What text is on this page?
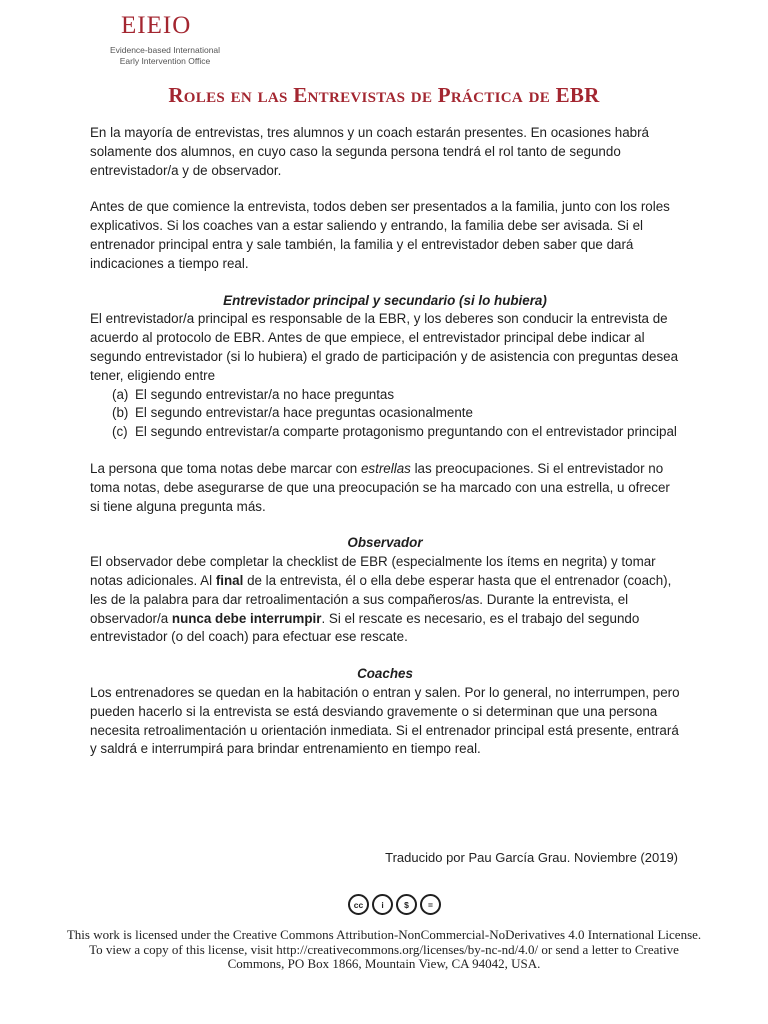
EIEIO
Evidence-based International
Early Intervention Office
Roles en las Entrevistas de Práctica de EBR

En la mayoría de entrevistas, tres alumnos y un coach estarán presentes. En ocasiones habrá solamente dos alumnos, en cuyo caso la segunda persona tendrá el rol tanto de segundo entrevistador/a y de observador.

Antes de que comience la entrevista, todos deben ser presentados a la familia, junto con los roles explicativos. Si los coaches van a estar saliendo y entrando, la familia debe ser avisada. Si el entrenador principal entra y sale también, la familia y el entrevistador deben saber que dará indicaciones a tiempo real.

Entrevistador principal y secundario (si lo hubiera)

El entrevistador/a principal es responsable de la EBR, y los deberes son conducir la entrevista de acuerdo al protocolo de EBR. Antes de que empiece, el entrevistador principal debe indicar al segundo entrevistador (si lo hubiera) el grado de participación y de asistencia con preguntas desea tener, eligiendo entre

(a) El segundo entrevistar/a no hace preguntas
(b) El segundo entrevistar/a hace preguntas ocasionalmente
(c) El segundo entrevistar/a comparte protagonismo preguntando con el entrevistador principal

La persona que toma notas debe marcar con estrellas las preocupaciones. Si el entrevistador no toma notas, debe asegurarse de que una preocupación se ha marcado con una estrella, u ofrecer si tiene alguna pregunta más.

Observador

El observador debe completar la checklist de EBR (especialmente los ítems en negrita) y tomar notas adicionales. Al final de la entrevista, él o ella debe esperar hasta que el entrenador (coach), les de la palabra para dar retroalimentación a sus compañeros/as. Durante la entrevista, el observador/a nunca debe interrumpir. Si el rescate es necesario, es el trabajo del segundo entrevistador (o del coach) para efectuar ese rescate.

Coaches

Los entrenadores se quedan en la habitación o entran y salen. Por lo general, no interrumpen, pero pueden hacerlo si la entrevista se está desviando gravemente o si determinan que una persona necesita retroalimentación u orientación inmediata. Si el entrenador principal está presente, entrará y saldrá e interrumpirá para brindar entrenamiento en tiempo real.

Traducido por Pau García Grau. Noviembre (2019)
cc	i	$	=
This work is licensed under the Creative Commons Attribution-NonCommercial-NoDerivatives 4.0 International License. To view a copy of this license, visit http://creativecommons.org/licenses/by-nc-nd/4.0/ or send a letter to Creative Commons, PO Box 1866, Mountain View, CA 94042, USA.
